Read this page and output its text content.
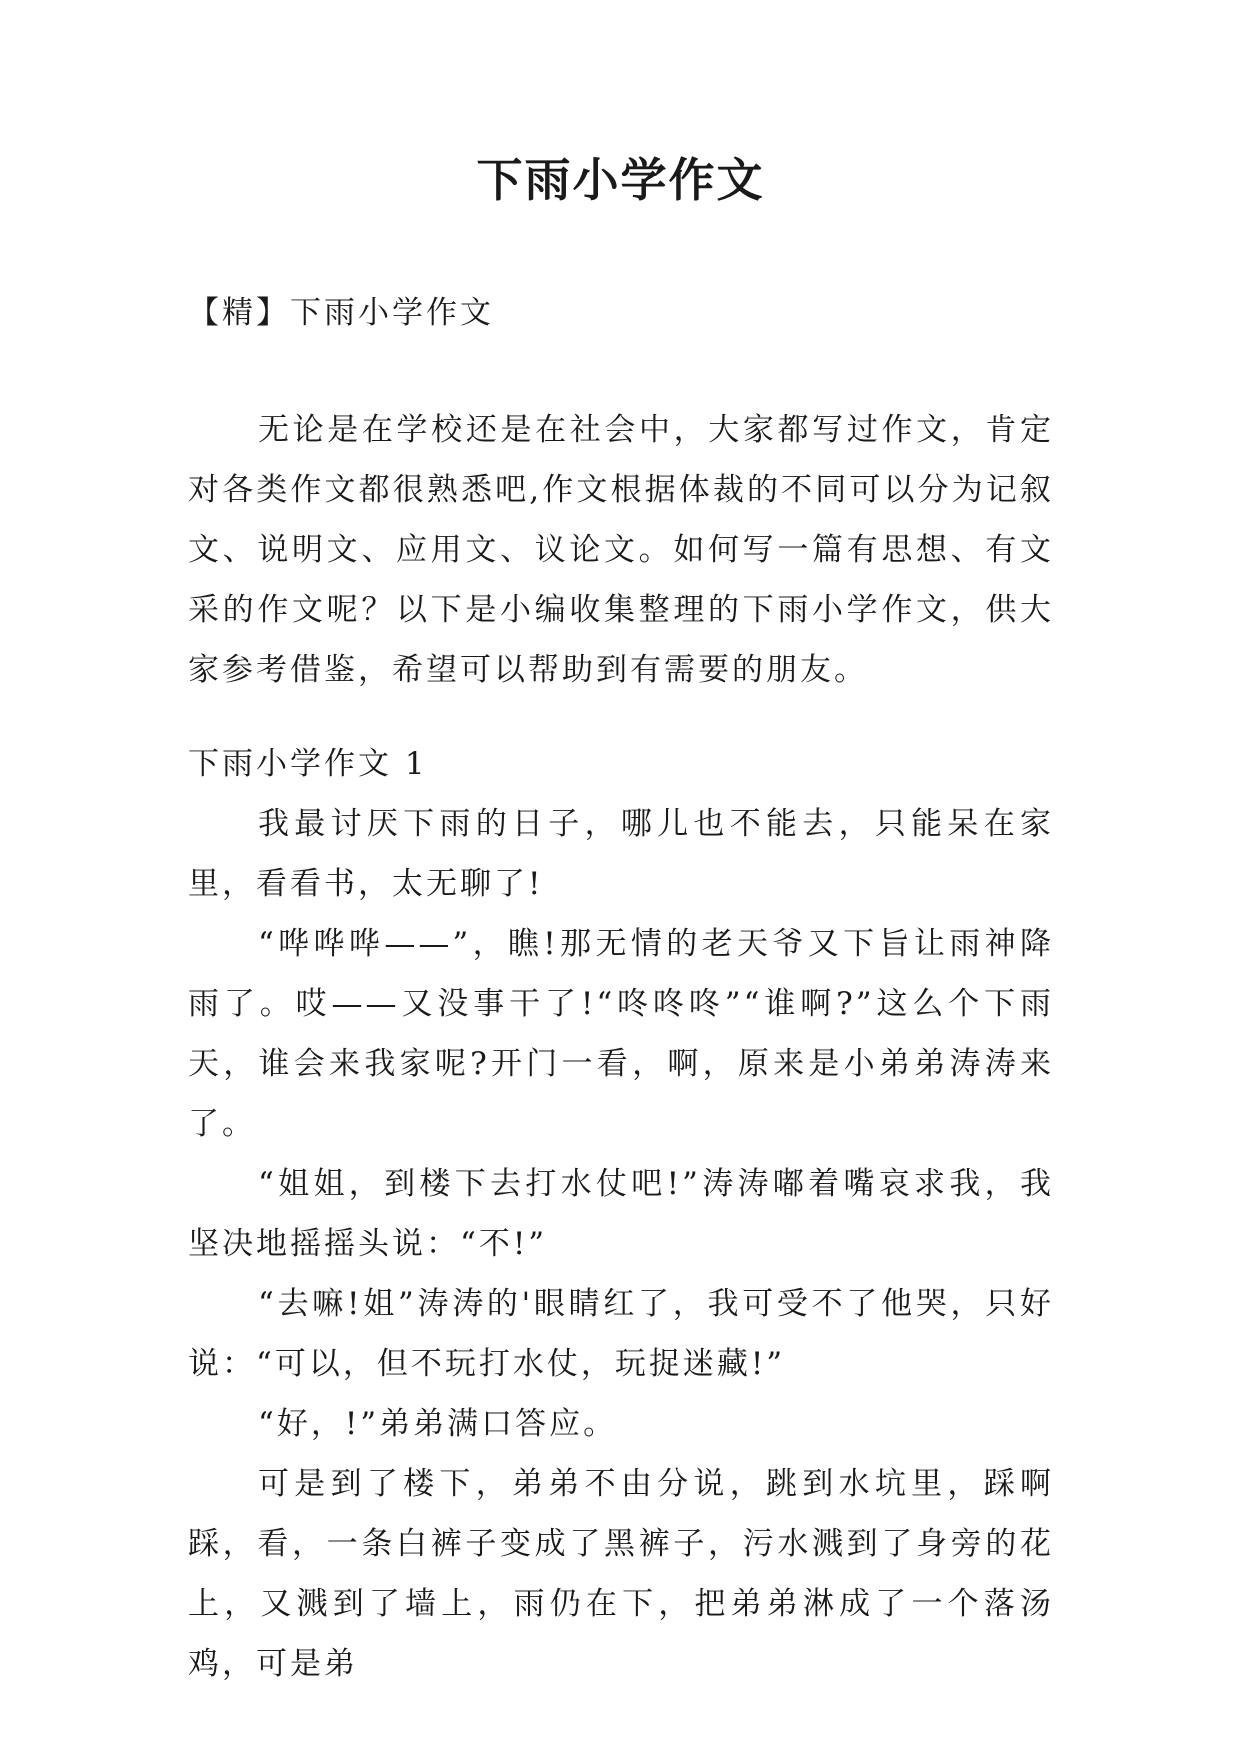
下雨小学作文
【精】下雨小学作文

无论是在学校还是在社会中，大家都写过作文，肯定对各类作文都很熟悉吧,作文根据体裁的不同可以分为记叙文、说明文、应用文、议论文。如何写一篇有思想、有文采的作文呢？以下是小编收集整理的下雨小学作文，供大家参考借鉴，希望可以帮助到有需要的朋友。

下雨小学作文 1

我最讨厌下雨的日子，哪儿也不能去，只能呆在家里，看看书，太无聊了!

“哗哗哗——”，瞧!那无情的老天爷又下旨让雨神降雨了。哎——又没事干了!“咚咚咚”“谁啊?”这么个下雨天，谁会来我家呢?开门一看，啊，原来是小弟弟涛涛来了。

“姐姐，到楼下去打水仗吧!”涛涛嘟着嘴哀求我，我坚决地摇摇头说：“不!”

“去嘛!姐”涛涛的'眼睛红了，我可受不了他哭，只好说：“可以，但不玩打水仗，玩捉迷藏!”

“好，!”弟弟满口答应。

可是到了楼下，弟弟不由分说，跳到水坑里，踩啊踩，看，一条白裤子变成了黑裤子，污水溅到了身旁的花上，又溅到了墙上，雨仍在下，把弟弟淋成了一个落汤鸡，可是弟
